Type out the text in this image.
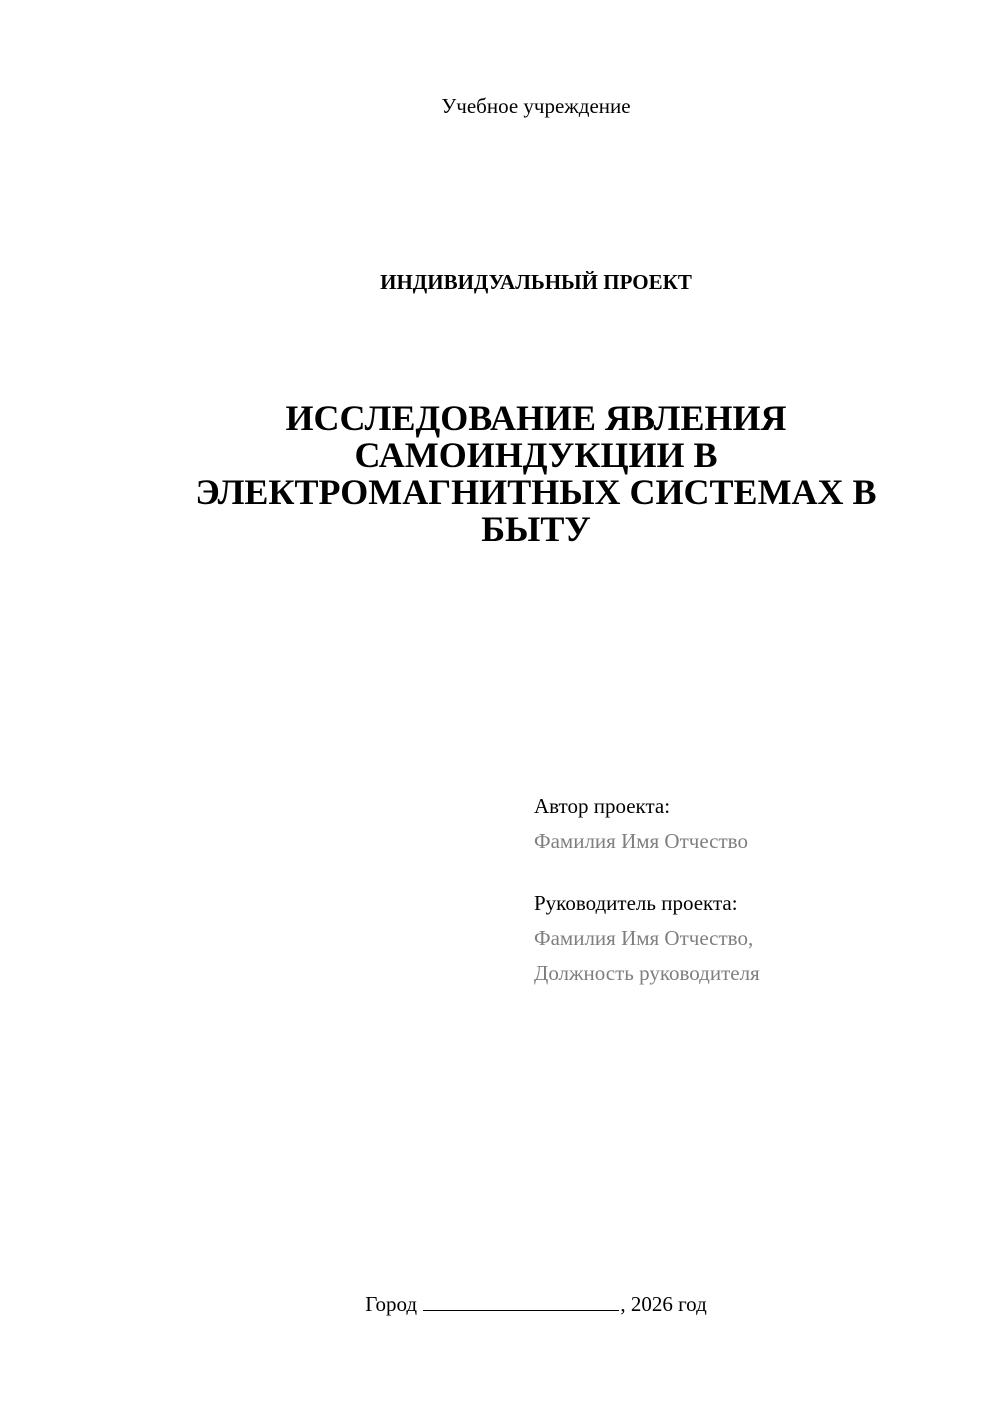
Учебное учреждение
ИНДИВИДУАЛЬНЫЙ ПРОЕКТ
ИССЛЕДОВАНИЕ ЯВЛЕНИЯ
САМОИНДУКЦИИ В
ЭЛЕКТРОМАГНИТНЫХ СИСТЕМАХ В
БЫТУ
Автор проекта:
Фамилия Имя Отчество
Руководитель проекта:
Фамилия Имя Отчество,
Должность руководителя
Город	, 2026 год
